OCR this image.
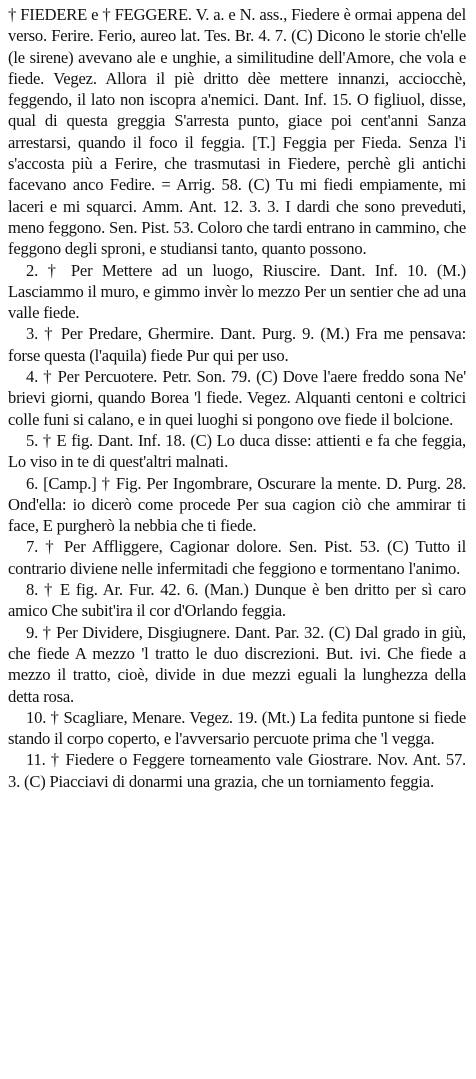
† FIEDERE e † FEGGERE. V. a. e N. ass., Fiedere è ormai appena del verso. Ferire. Ferio, aureo lat. Tes. Br. 4. 7. (C) Dicono le storie ch'elle (le sirene) avevano ale e unghie, a similitudine dell'Amore, che vola e fiede. Vegez. Allora il piè dritto dèe mettere innanzi, acciocchè, feggendo, il lato non iscopra a'nemici. Dant. Inf. 15. O figliuol, disse, qual di questa greggia S'arresta punto, giace poi cent'anni Sanza arrestarsi, quando il foco il feggia. [T.] Feggia per Fieda. Senza l'i s'accosta più a Ferire, che trasmutasi in Fiedere, perchè gli antichi facevano anco Fedire. = Arrig. 58. (C) Tu mi fiedi empiamente, mi laceri e mi squarci. Amm. Ant. 12. 3. 3. I dardi che sono preveduti, meno feggono. Sen. Pist. 53. Coloro che tardi entrano in cammino, che feggono degli sproni, e studiansi tanto, quanto possono.

2. † Per Mettere ad un luogo, Riuscire. Dant. Inf. 10. (M.) Lasciammo il muro, e gimmo invèr lo mezzo Per un sentier che ad una valle fiede.

3. † Per Predare, Ghermire. Dant. Purg. 9. (M.) Fra me pensava: forse questa (l'aquila) fiede Pur qui per uso.

4. † Per Percuotere. Petr. Son. 79. (C) Dove l'aere freddo sona Ne' brievi giorni, quando Borea 'l fiede. Vegez. Alquanti centoni e coltrici colle funi si calano, e in quei luoghi si pongono ove fiede il bolcione.

5. † E fig. Dant. Inf. 18. (C) Lo duca disse: attienti e fa che feggia, Lo viso in te di quest'altri malnati.

6. [Camp.] † Fig. Per Ingombrare, Oscurare la mente. D. Purg. 28. Ond'ella: io dicerò come procede Per sua cagion ciò che ammirar ti face, E purgherò la nebbia che ti fiede.

7. † Per Affliggere, Cagionar dolore. Sen. Pist. 53. (C) Tutto il contrario diviene nelle infermitadi che feggiono e tormentano l'animo.

8. † E fig. Ar. Fur. 42. 6. (Man.) Dunque è ben dritto per sì caro amico Che subit'ira il cor d'Orlando feggia.

9. † Per Dividere, Disgiugnere. Dant. Par. 32. (C) Dal grado in giù, che fiede A mezzo 'l tratto le duo discrezioni. But. ivi. Che fiede a mezzo il tratto, cioè, divide in due mezzi eguali la lunghezza della detta rosa.

10. † Scagliare, Menare. Vegez. 19. (Mt.) La fedita puntone si fiede stando il corpo coperto, e l'avversario percuote prima che 'l vegga.

11. † Fiedere o Feggere torneamento vale Giostrare. Nov. Ant. 57. 3. (C) Piacciavi di donarmi una grazia, che un torniamento feggia.
